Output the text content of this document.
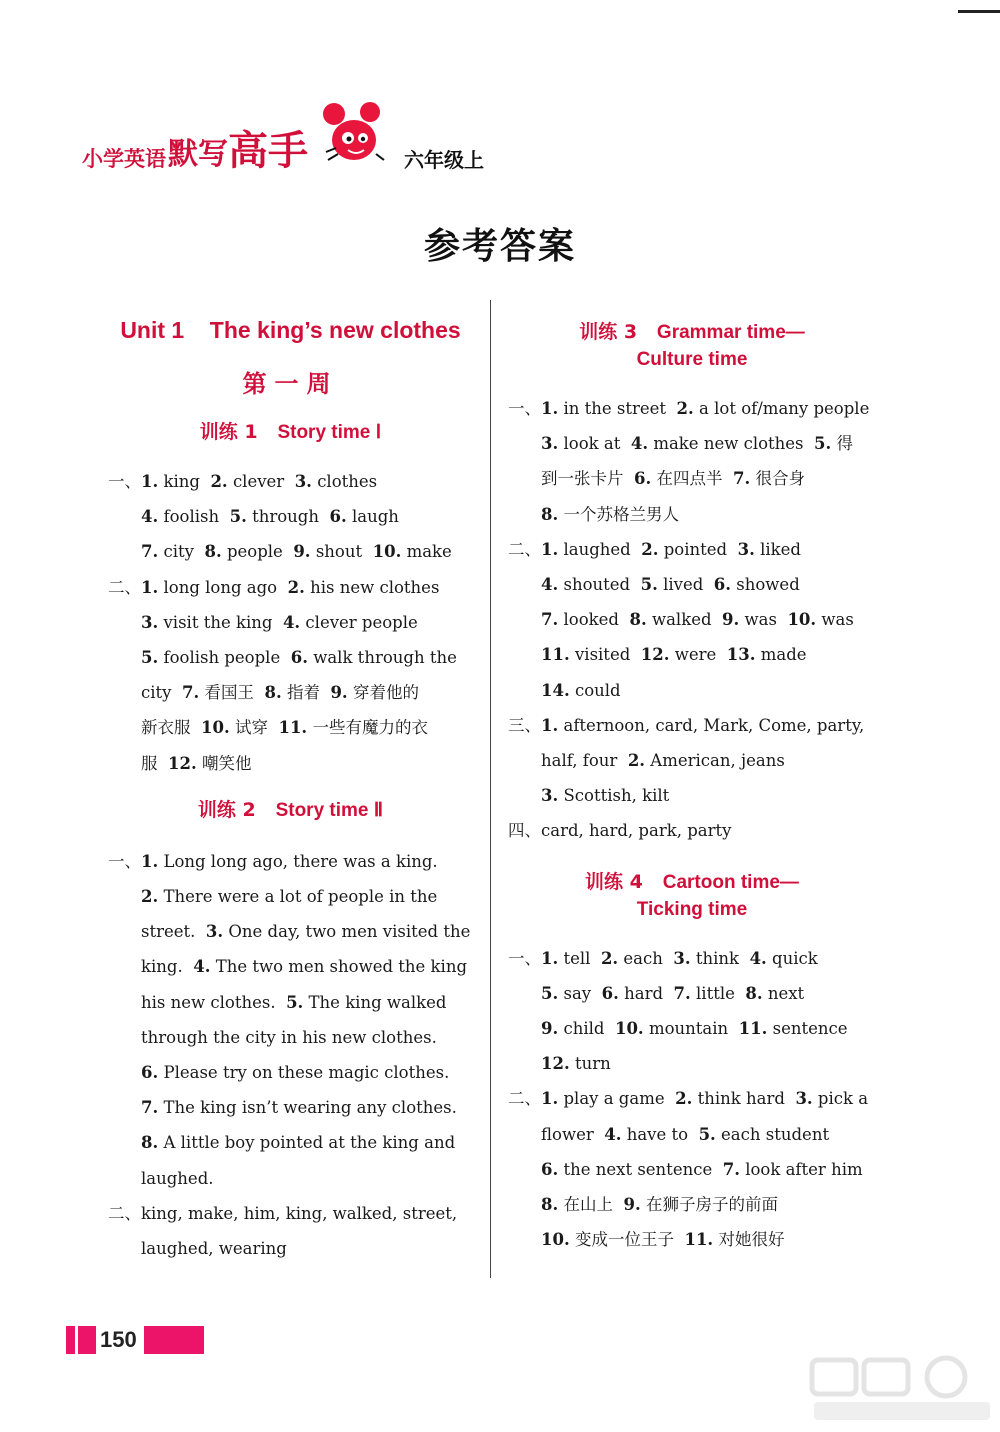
小学英语 默写 高手	六年级上
参考答案
Unit 1    The king’s new clothes
第一周
训练 1 Story time Ⅰ
一、1. king 2. clever 3. clothes
4. foolish 5. through 6. laugh
7. city 8. people 9. shout 10. make
二、1. long long ago 2. his new clothes
3. visit the king 4. clever people
5. foolish people 6. walk through the
city 7. 看国王 8. 指着 9. 穿着他的
新衣服 10. 试穿 11. 一些有魔力的衣
服 12. 嘲笑他
训练 2 Story time Ⅱ
一、1. Long long ago, there was a king.
2. There were a lot of people in the
street. 3. One day, two men visited the
king. 4. The two men showed the king
his new clothes. 5. The king walked
through the city in his new clothes.
6. Please try on these magic clothes.
7. The king isn’t wearing any clothes.
8. A little boy pointed at the king and
laughed.
二、king, make, him, king, walked, street,
laughed, wearing
训练 3 Grammar time—
Culture time
一、1. in the street 2. a lot of/many people
3. look at 4. make new clothes 5. 得
到一张卡片 6. 在四点半 7. 很合身
8. 一个苏格兰男人
二、1. laughed 2. pointed 3. liked
4. shouted 5. lived 6. showed
7. looked 8. walked 9. was 10. was
11. visited 12. were 13. made
14. could
三、1. afternoon, card, Mark, Come, party,
half, four 2. American, jeans
3. Scottish, kilt
四、card, hard, park, party
训练 4 Cartoon time—
Ticking time
一、1. tell 2. each 3. think 4. quick
5. say 6. hard 7. little 8. next
9. child 10. mountain 11. sentence
12. turn
二、1. play a game 2. think hard 3. pick a
flower 4. have to 5. each student
6. the next sentence 7. look after him
8. 在山上 9. 在狮子房子的前面
10. 变成一位王子 11. 对她很好
150
